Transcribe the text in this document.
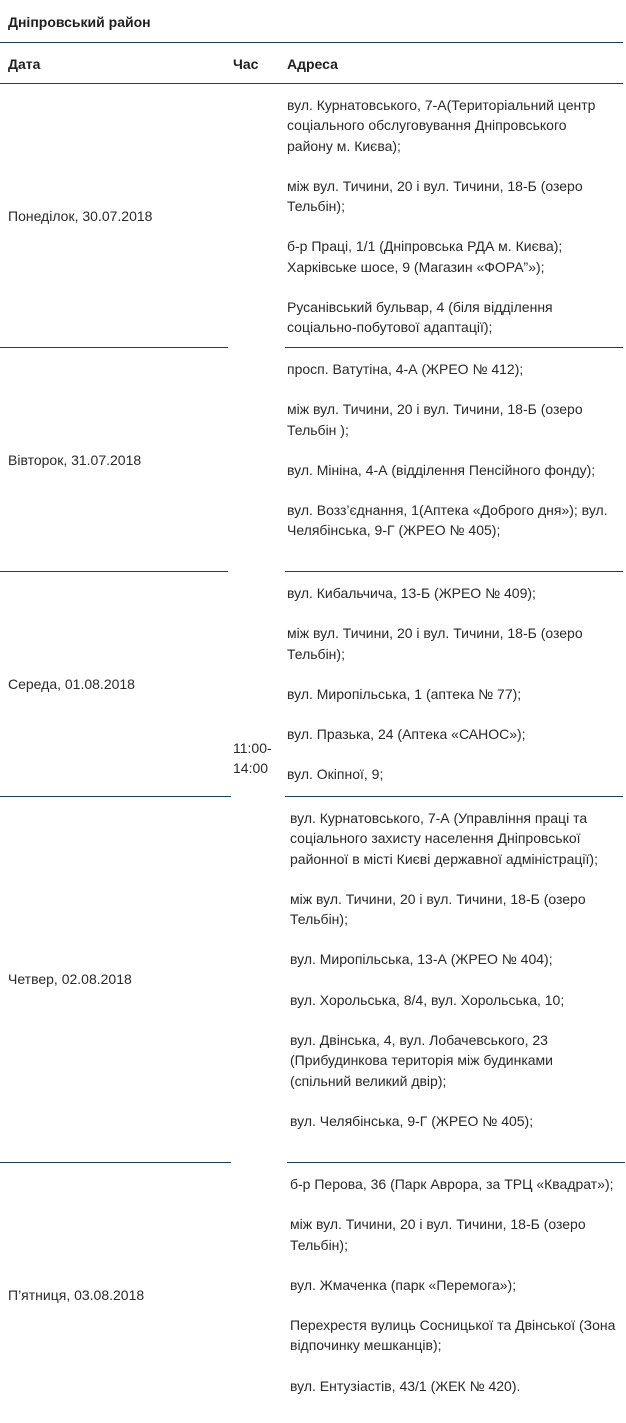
Дніпровський район
Дата	Час Адреса
11:00-14:00
Понеділок, 30.07.2018

вул. Курнатовського, 7-А(Територіальний центр соціального обслуговування Дніпровського району м. Києва);

між вул. Тичини, 20 і вул. Тичини, 18-Б (озеро Тельбін);

б-р Праці, 1/1 (Дніпровська РДА м. Києва); Харківське шосе, 9 (Магазин «ФОРА”»);

Русанівський бульвар, 4 (біля відділення соціально-побутової адаптації);

Вівторок, 31.07.2018

просп. Ватутіна, 4-А (ЖРЕО № 412);

між вул. Тичини, 20 і вул. Тичини, 18-Б (озеро Тельбін );

вул. Мініна, 4-А (відділення Пенсійного фонду);

вул. Возз’єднання, 1(Аптека «Доброго дня»); вул. Челябінська, 9-Г (ЖРЕО № 405);

Середа, 01.08.2018

вул. Кибальчича, 13-Б (ЖРЕО № 409);

між вул. Тичини, 20 і вул. Тичини, 18-Б (озеро Тельбін);

вул. Миропільська, 1 (аптека № 77);

вул. Празька, 24 (Аптека «САНОС»);

вул. Окіпної, 9;

Четвер, 02.08.2018

вул. Курнатовського, 7-А (Управління праці та соціального захисту населення Дніпровської районної в місті Києві державної адміністрації);

між вул. Тичини, 20 і вул. Тичини, 18-Б (озеро Тельбін);

вул. Миропільська, 13-А (ЖРЕО № 404);

вул. Хорольська, 8/4, вул. Хорольська, 10;

вул. Двінська, 4, вул. Лобачевського, 23 (Прибудинкова територія між будинками (спільний великий двір);

вул. Челябінська, 9-Г (ЖРЕО № 405);

П’ятниця, 03.08.2018

б-р Перова, 36 (Парк Аврора, за ТРЦ «Квадрат»);

між вул. Тичини, 20 і вул. Тичини, 18-Б (озеро Тельбін);

вул. Жмаченка (парк «Перемога»);

Перехрестя вулиць Сосницької та Двінської (Зона відпочинку мешканців);

вул. Ентузіастів, 43/1 (ЖЕК № 420).
